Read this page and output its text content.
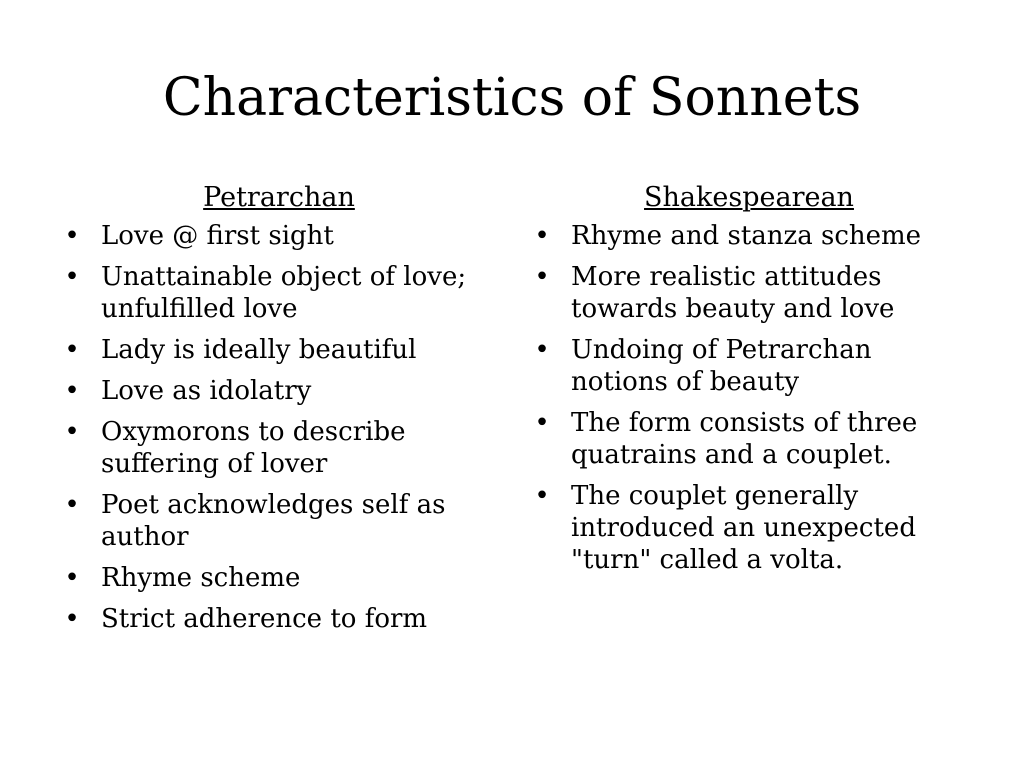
Characteristics of Sonnets
Petrarchan
• Love @ first sight
• Unattainable object of love; unfulfilled love
• Lady is ideally beautiful
• Love as idolatry
• Oxymorons to describe suffering of lover
• Poet acknowledges self as author
• Rhyme scheme
• Strict adherence to form
Shakespearean
• Rhyme and stanza scheme
• More realistic attitudes towards beauty and love
• Undoing of Petrarchan notions of beauty
• The form consists of three quatrains and a couplet.
• The couplet generally introduced an unexpected "turn" called a volta.
